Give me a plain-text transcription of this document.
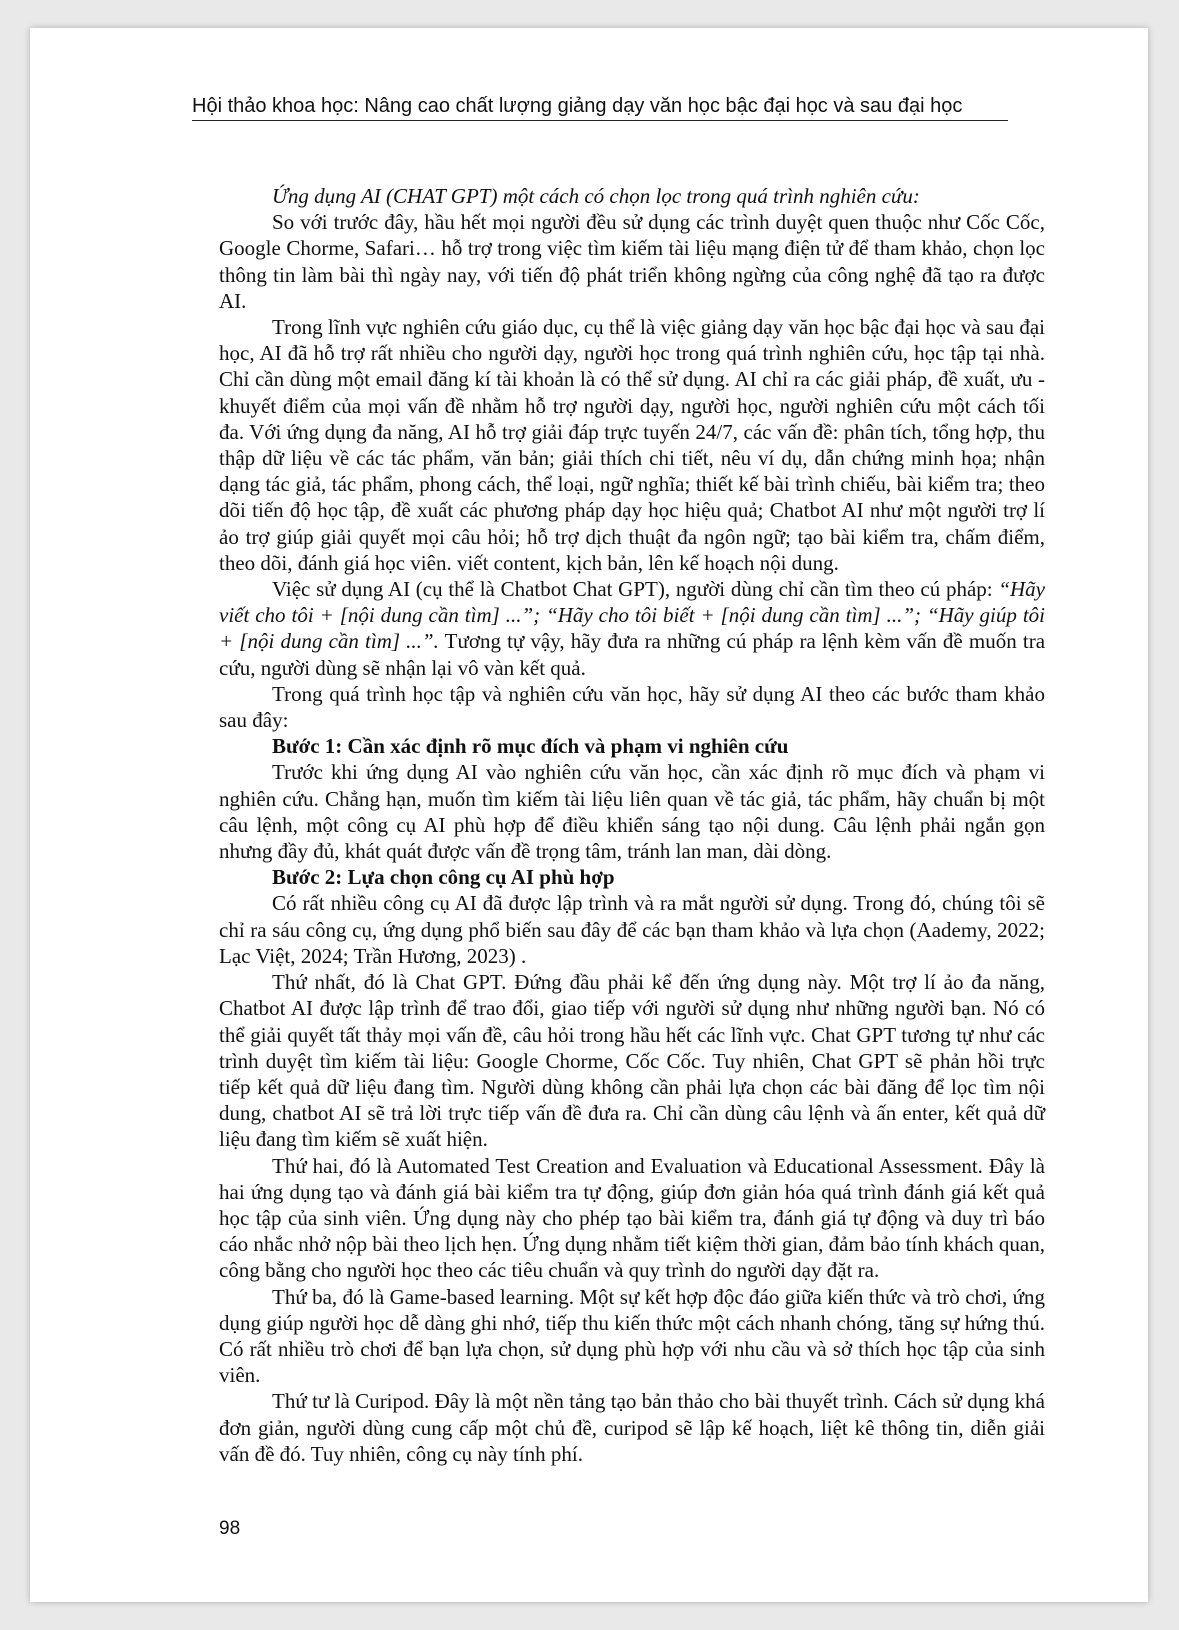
Hội thảo khoa học: Nâng cao chất lượng giảng dạy văn học bậc đại học và sau đại học

Ứng dụng AI (CHAT GPT) một cách có chọn lọc trong quá trình nghiên cứu:

So với trước đây, hầu hết mọi người đều sử dụng các trình duyệt quen thuộc như Cốc Cốc, Google Chorme, Safari… hỗ trợ trong việc tìm kiếm tài liệu mạng điện tử để tham khảo, chọn lọc thông tin làm bài thì ngày nay, với tiến độ phát triển không ngừng của công nghệ đã tạo ra được AI.

Trong lĩnh vực nghiên cứu giáo dục, cụ thể là việc giảng dạy văn học bậc đại học và sau đại học, AI đã hỗ trợ rất nhiều cho người dạy, người học trong quá trình nghiên cứu, học tập tại nhà. Chỉ cần dùng một email đăng kí tài khoản là có thể sử dụng. AI chỉ ra các giải pháp, đề xuất, ưu - khuyết điểm của mọi vấn đề nhằm hỗ trợ người dạy, người học, người nghiên cứu một cách tối đa. Với ứng dụng đa năng, AI hỗ trợ giải đáp trực tuyến 24/7, các vấn đề: phân tích, tổng hợp, thu thập dữ liệu về các tác phẩm, văn bản; giải thích chi tiết, nêu ví dụ, dẫn chứng minh họa; nhận dạng tác giả, tác phẩm, phong cách, thể loại, ngữ nghĩa; thiết kế bài trình chiếu, bài kiểm tra; theo dõi tiến độ học tập, đề xuất các phương pháp dạy học hiệu quả; Chatbot AI như một người trợ lí ảo trợ giúp giải quyết mọi câu hỏi; hỗ trợ dịch thuật đa ngôn ngữ; tạo bài kiểm tra, chấm điểm, theo dõi, đánh giá học viên. viết content, kịch bản, lên kế hoạch nội dung.

Việc sử dụng AI (cụ thể là Chatbot Chat GPT), người dùng chỉ cần tìm theo cú pháp: “Hãy viết cho tôi + [nội dung cần tìm] ...”; “Hãy cho tôi biết + [nội dung cần tìm] ...”; “Hãy giúp tôi + [nội dung cần tìm] ...”. Tương tự vậy, hãy đưa ra những cú pháp ra lệnh kèm vấn đề muốn tra cứu, người dùng sẽ nhận lại vô vàn kết quả.

Trong quá trình học tập và nghiên cứu văn học, hãy sử dụng AI theo các bước tham khảo sau đây:

Bước 1: Cần xác định rõ mục đích và phạm vi nghiên cứu

Trước khi ứng dụng AI vào nghiên cứu văn học, cần xác định rõ mục đích và phạm vi nghiên cứu. Chẳng hạn, muốn tìm kiếm tài liệu liên quan về tác giả, tác phẩm, hãy chuẩn bị một câu lệnh, một công cụ AI phù hợp để điều khiển sáng tạo nội dung. Câu lệnh phải ngắn gọn nhưng đầy đủ, khát quát được vấn đề trọng tâm, tránh lan man, dài dòng.

Bước 2: Lựa chọn công cụ AI phù hợp

Có rất nhiều công cụ AI đã được lập trình và ra mắt người sử dụng. Trong đó, chúng tôi sẽ chỉ ra sáu công cụ, ứng dụng phổ biến sau đây để các bạn tham khảo và lựa chọn (Aademy, 2022; Lạc Việt, 2024; Trần Hương, 2023) .

Thứ nhất, đó là Chat GPT. Đứng đầu phải kể đến ứng dụng này. Một trợ lí ảo đa năng, Chatbot AI được lập trình để trao đổi, giao tiếp với người sử dụng như những người bạn. Nó có thể giải quyết tất thảy mọi vấn đề, câu hỏi trong hầu hết các lĩnh vực. Chat GPT tương tự như các trình duyệt tìm kiếm tài liệu: Google Chorme, Cốc Cốc. Tuy nhiên, Chat GPT sẽ phản hồi trực tiếp kết quả dữ liệu đang tìm. Người dùng không cần phải lựa chọn các bài đăng để lọc tìm nội dung, chatbot AI sẽ trả lời trực tiếp vấn đề đưa ra. Chỉ cần dùng câu lệnh và ấn enter, kết quả dữ liệu đang tìm kiếm sẽ xuất hiện.

Thứ hai, đó là Automated Test Creation and Evaluation và Educational Assessment. Đây là hai ứng dụng tạo và đánh giá bài kiểm tra tự động, giúp đơn giản hóa quá trình đánh giá kết quả học tập của sinh viên. Ứng dụng này cho phép tạo bài kiểm tra, đánh giá tự động và duy trì báo cáo nhắc nhở nộp bài theo lịch hẹn. Ứng dụng nhằm tiết kiệm thời gian, đảm bảo tính khách quan, công bằng cho người học theo các tiêu chuẩn và quy trình do người dạy đặt ra.

Thứ ba, đó là Game-based learning. Một sự kết hợp độc đáo giữa kiến thức và trò chơi, ứng dụng giúp người học dễ dàng ghi nhớ, tiếp thu kiến thức một cách nhanh chóng, tăng sự hứng thú. Có rất nhiều trò chơi để bạn lựa chọn, sử dụng phù hợp với nhu cầu và sở thích học tập của sinh viên.

Thứ tư là Curipod. Đây là một nền tảng tạo bản thảo cho bài thuyết trình. Cách sử dụng khá đơn giản, người dùng cung cấp một chủ đề, curipod sẽ lập kế hoạch, liệt kê thông tin, diễn giải vấn đề đó. Tuy nhiên, công cụ này tính phí.

98
